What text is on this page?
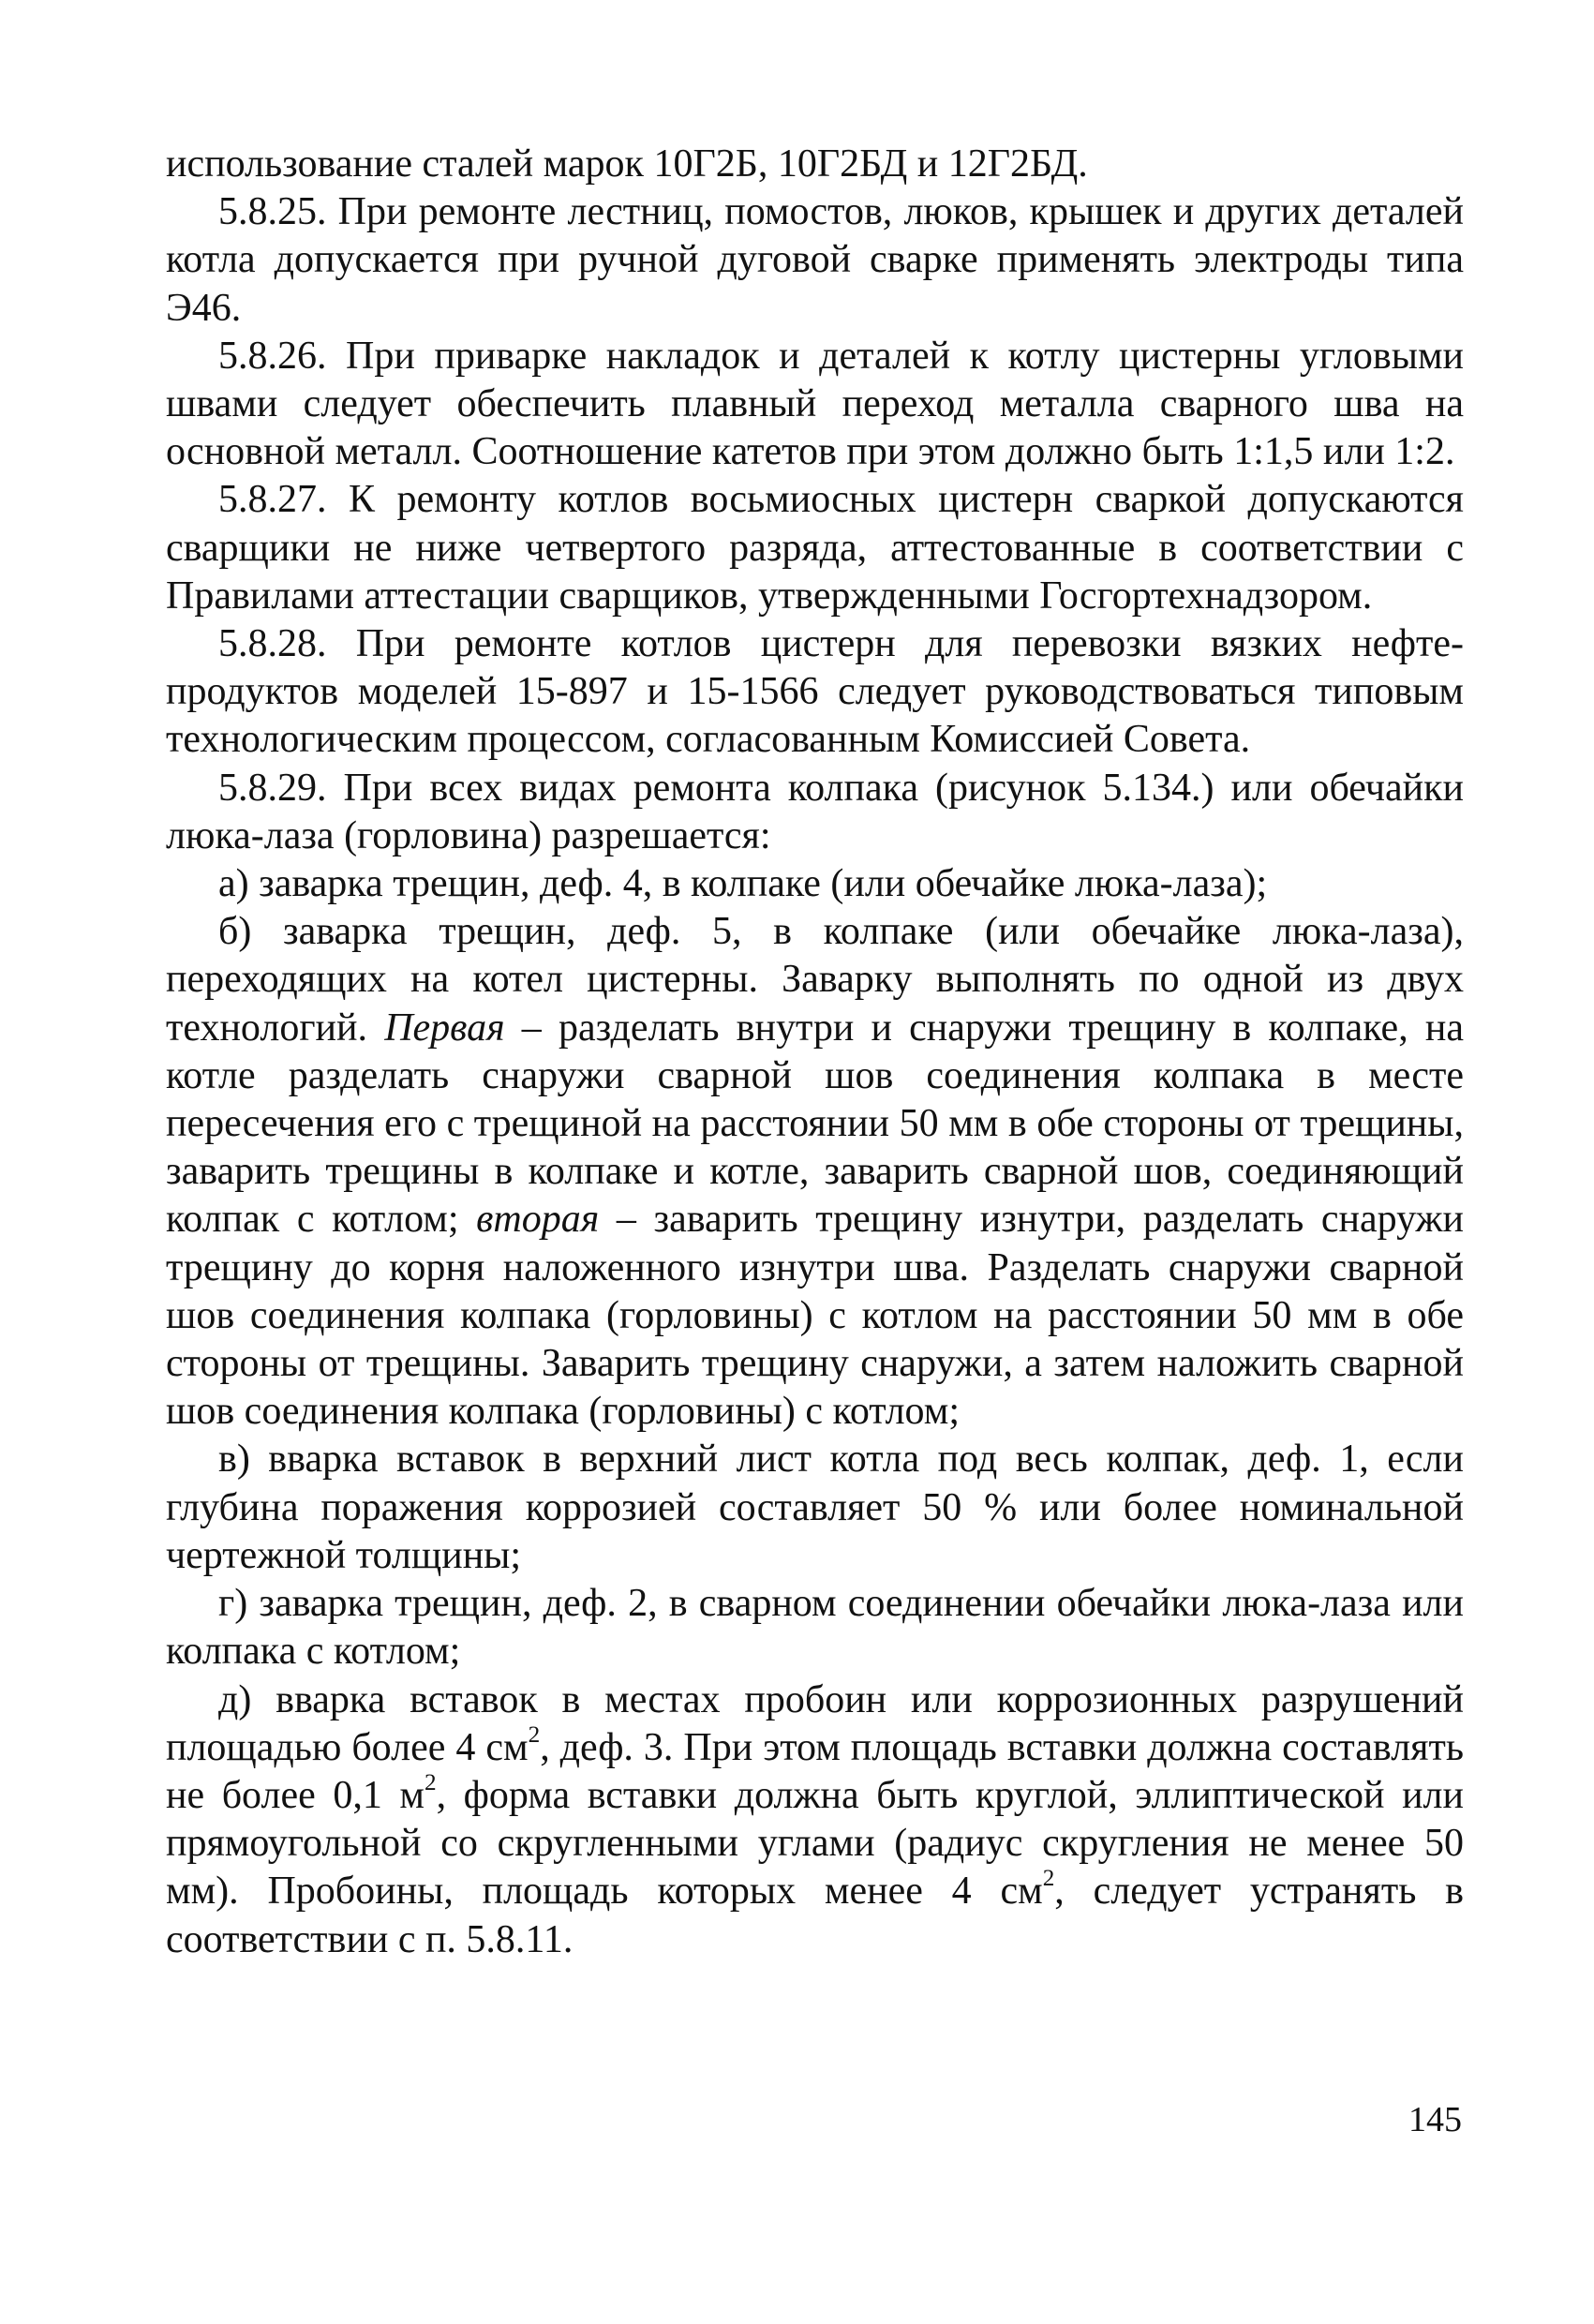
использование сталей марок 10Г2Б, 10Г2БД и 12Г2БД.

5.8.25. При ремонте лестниц, помостов, люков, крышек и других деталей котла допускается при ручной дуговой сварке применять электроды типа Э46.

5.8.26. При приварке накладок и деталей к котлу цистерны угловыми швами следует обеспечить плавный переход металла сварного шва на основной металл. Соотношение катетов при этом должно быть 1:1,5 или 1:2.

5.8.27. К ремонту котлов восьмиосных цистерн сваркой допускаются сварщики не ниже четвертого разряда, аттестованные в соответствии с Правилами аттестации сварщиков, утвержденными Госгортехнадзором.

5.8.28. При ремонте котлов цистерн для перевозки вязких нефтепродуктов моделей 15-897 и 15-1566 следует руководствоваться типовым технологическим процессом, согласованным Комиссией Совета.

5.8.29. При всех видах ремонта колпака (рисунок 5.134.) или обечайки люка-лаза (горловина) разрешается:

а) заварка трещин, деф. 4, в колпаке (или обечайке люка-лаза);

б) заварка трещин, деф. 5, в колпаке (или обечайке люка-лаза), переходящих на котел цистерны. Заварку выполнять по одной из двух технологий. Первая – разделать внутри и снаружи трещину в колпаке, на котле разделать снаружи сварной шов соединения колпака в месте пересечения его с трещиной на расстоянии 50 мм в обе стороны от трещины, заварить трещины в колпаке и котле, заварить сварной шов, соединяющий колпак с котлом; вторая – заварить трещину изнутри, разделать снаружи трещину до корня наложенного изнутри шва. Разделать снаружи сварной шов соединения колпака (горловины) с котлом на расстоянии 50 мм в обе стороны от трещины. Заварить трещину снаружи, а затем наложить сварной шов соединения колпака (горловины) с котлом;

в) вварка вставок в верхний лист котла под весь колпак, деф. 1, если глубина поражения коррозией составляет 50 % или более номинальной чертежной толщины;

г) заварка трещин, деф. 2, в сварном соединении обечайки люка-лаза или колпака с котлом;

д) вварка вставок в местах пробоин или коррозионных разрушений площадью более 4 $см^2$, деф. 3. При этом площадь вставки должна составлять не более 0,1 $м^2$, форма вставки должна быть круглой, эллиптической или прямоугольной со скругленными углами (радиус скругления не менее 50 мм). Пробоины, площадь которых менее 4 $см^2$, следует устранять в соответствии с п. 5.8.11.

145
